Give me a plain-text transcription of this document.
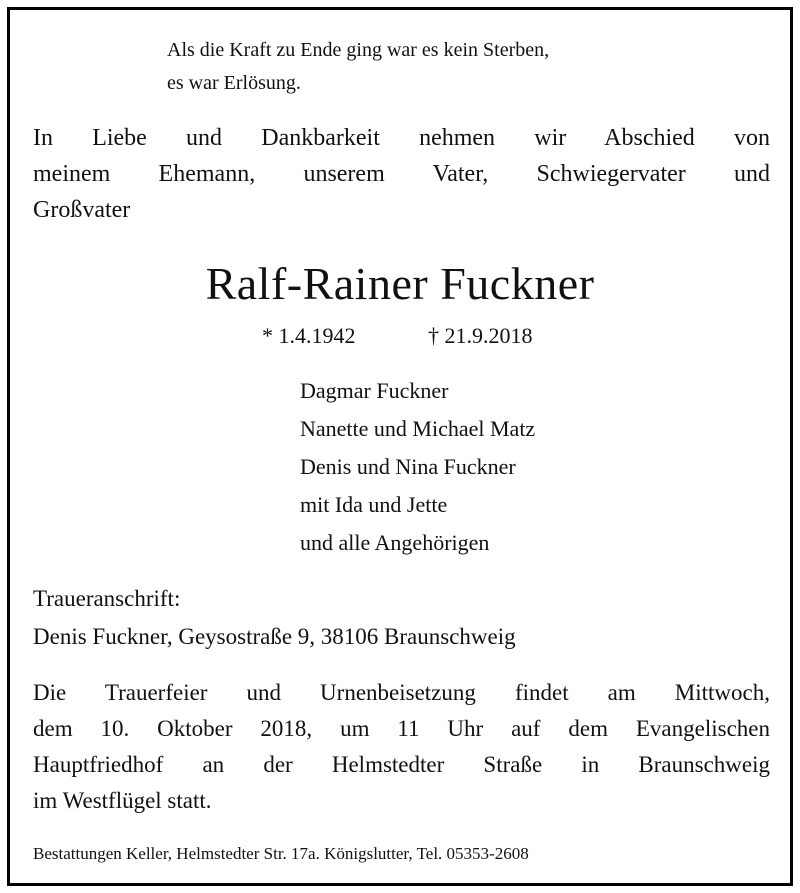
Als die Kraft zu Ende ging war es kein Sterben,
es war Erlösung.
In Liebe und Dankbarkeit nehmen wir Abschied von
meinem Ehemann, unserem Vater, Schwiegervater und
Großvater
Ralf-Rainer Fuckner
* 1.4.1942	† 21.9.2018
Dagmar Fuckner
Nanette und Michael Matz
Denis und Nina Fuckner
mit Ida und Jette
und alle Angehörigen
Traueranschrift:
Denis Fuckner, Geysostraße 9, 38106 Braunschweig
Die Trauerfeier und Urnenbeisetzung findet am Mittwoch,
dem 10. Oktober 2018, um 11 Uhr auf dem Evangelischen
Hauptfriedhof an der Helmstedter Straße in Braunschweig
im Westflügel statt.
Bestattungen Keller, Helmstedter Str. 17a. Königslutter, Tel. 05353-2608
